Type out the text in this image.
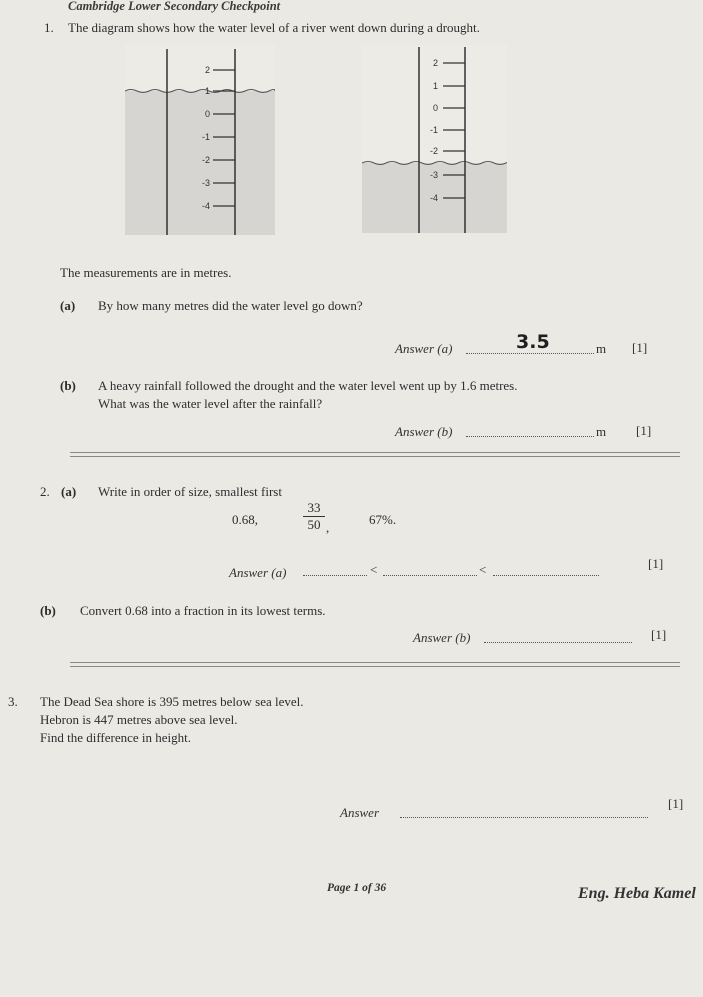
Cambridge Lower Secondary Checkpoint
1. The diagram shows how the water level of a river went down during a drought.
2
1
0
-1
-2
-3
-4
2
1
0
-1
-2
-3
-4
The measurements are in metres.
(a) By how many metres did the water level go down?
Answer (a)	3.5	m [1]
(b) A heavy rainfall followed the drought and the water level went up by 1.6 metres.
What was the water level after the rainfall?
Answer (b)	m [1]
2. (a) Write in order of size, smallest first
0.68,	$\frac{33}{50}$ ,
67%.
Answer (a)	<	<	[1]
(b) Convert 0.68 into a fraction in its lowest terms.
Answer (b)	[1]
3. The Dead Sea shore is 395 metres below sea level.
Hebron is 447 metres above sea level.
Find the difference in height.
Answer
[1]
Page 1 of 36	Eng. Heba Kamel
